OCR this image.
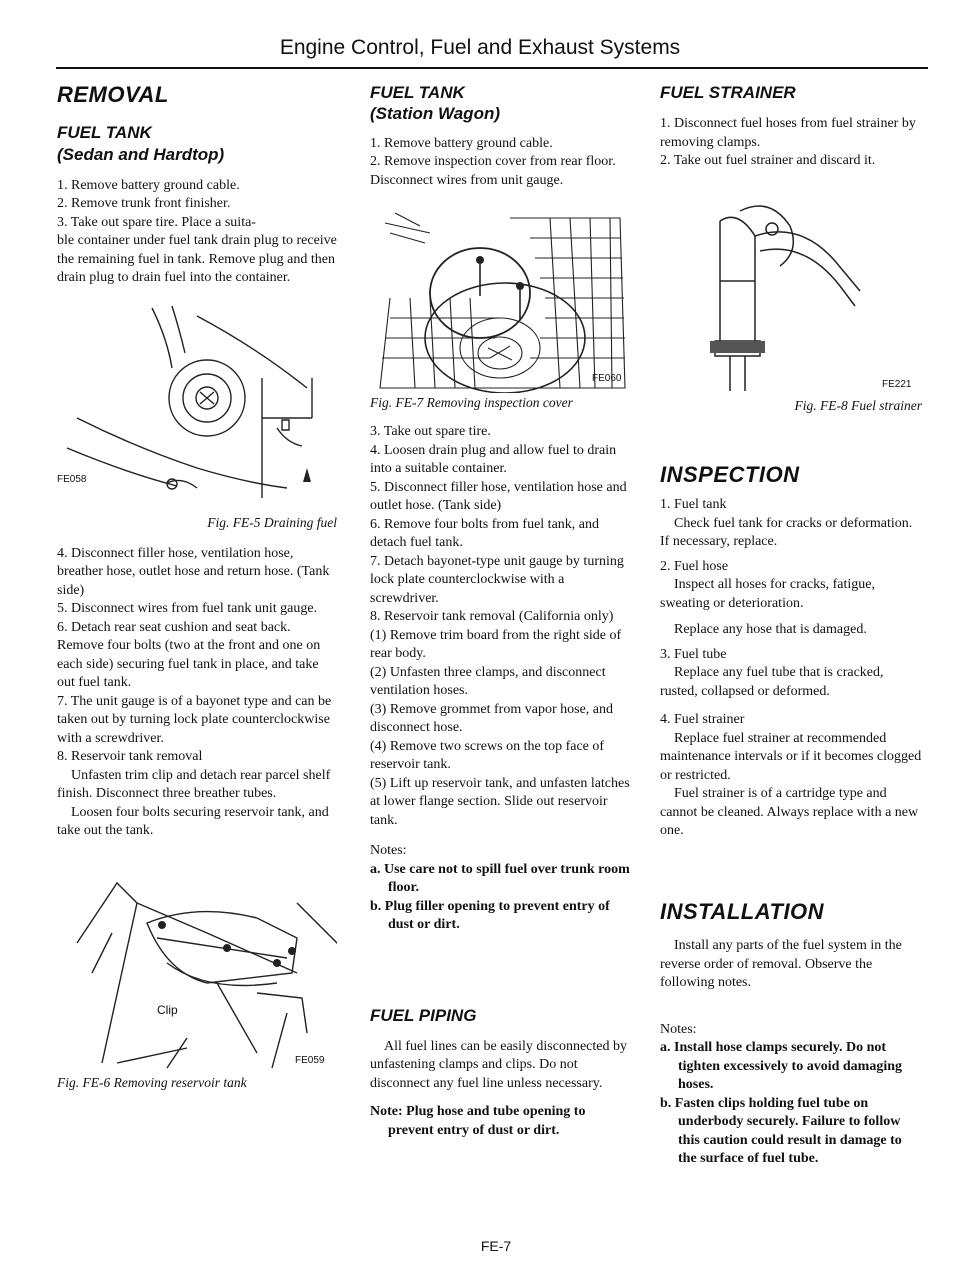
Engine Control, Fuel and Exhaust Systems
REMOVAL
FUEL TANK
(Sedan and Hardtop)

1. Remove battery ground cable.

2. Remove trunk front finisher.

3. Take out spare tire. Place a suita-

ble container under fuel tank drain plug to receive the remaining fuel in tank. Remove plug and then drain plug to drain fuel into the container.

FE058

Fig. FE-5 Draining fuel

4. Disconnect filler hose, ventilation hose, breather hose, outlet hose and return hose. (Tank side)

5. Disconnect wires from fuel tank unit gauge.

6. Detach rear seat cushion and seat back. Remove four bolts (two at the front and one on each side) securing fuel tank in place, and take out fuel tank.

7. The unit gauge is of a bayonet type and can be taken out by turning lock plate counterclockwise with a screwdriver.

8. Reservoir tank removal

Unfasten trim clip and detach rear parcel shelf finish. Disconnect three breather tubes.

Loosen four bolts securing reservoir tank, and take out the tank.

Clip
FE059

Fig. FE-6 Removing reservoir tank

FUEL TANK
(Station Wagon)

1. Remove battery ground cable.

2. Remove inspection cover from rear floor. Disconnect wires from unit gauge.

FE060

Fig. FE-7 Removing inspection cover

3. Take out spare tire.

4. Loosen drain plug and allow fuel to drain into a suitable container.

5. Disconnect filler hose, ventilation hose and outlet hose. (Tank side)

6. Remove four bolts from fuel tank, and detach fuel tank.

7. Detach bayonet-type unit gauge by turning lock plate counterclockwise with a screwdriver.

8. Reservoir tank removal (California only)

(1) Remove trim board from the right side of rear body.

(2) Unfasten three clamps, and disconnect ventilation hoses.

(3) Remove grommet from vapor hose, and disconnect hose.

(4) Remove two screws on the top face of reservoir tank.

(5) Lift up reservoir tank, and unfasten latches at lower flange section. Slide out reservoir tank.

Notes:

a. Use care not to spill fuel over trunk room floor.

b. Plug filler opening to prevent entry of dust or dirt.

FUEL PIPING

All fuel lines can be easily disconnected by unfastening clamps and clips. Do not disconnect any fuel line unless necessary.

Note: Plug hose and tube opening to prevent entry of dust or dirt.

FUEL STRAINER

1. Disconnect fuel hoses from fuel strainer by removing clamps.

2. Take out fuel strainer and discard it.

FE221

Fig. FE-8 Fuel strainer

INSPECTION

1. Fuel tank

Check fuel tank for cracks or deformation. If necessary, replace.

2. Fuel hose

Inspect all hoses for cracks, fatigue, sweating or deterioration.

Replace any hose that is damaged.

3. Fuel tube

Replace any fuel tube that is cracked, rusted, collapsed or deformed.

4. Fuel strainer

Replace fuel strainer at recommended maintenance intervals or if it becomes clogged or restricted.

Fuel strainer is of a cartridge type and cannot be cleaned. Always replace with a new one.

INSTALLATION

Install any parts of the fuel system in the reverse order of removal. Observe the following notes.

Notes:

a. Install hose clamps securely. Do not tighten excessively to avoid damaging hoses.

b. Fasten clips holding fuel tube on underbody securely. Failure to follow this caution could result in damage to the surface of fuel tube.

FE-7
